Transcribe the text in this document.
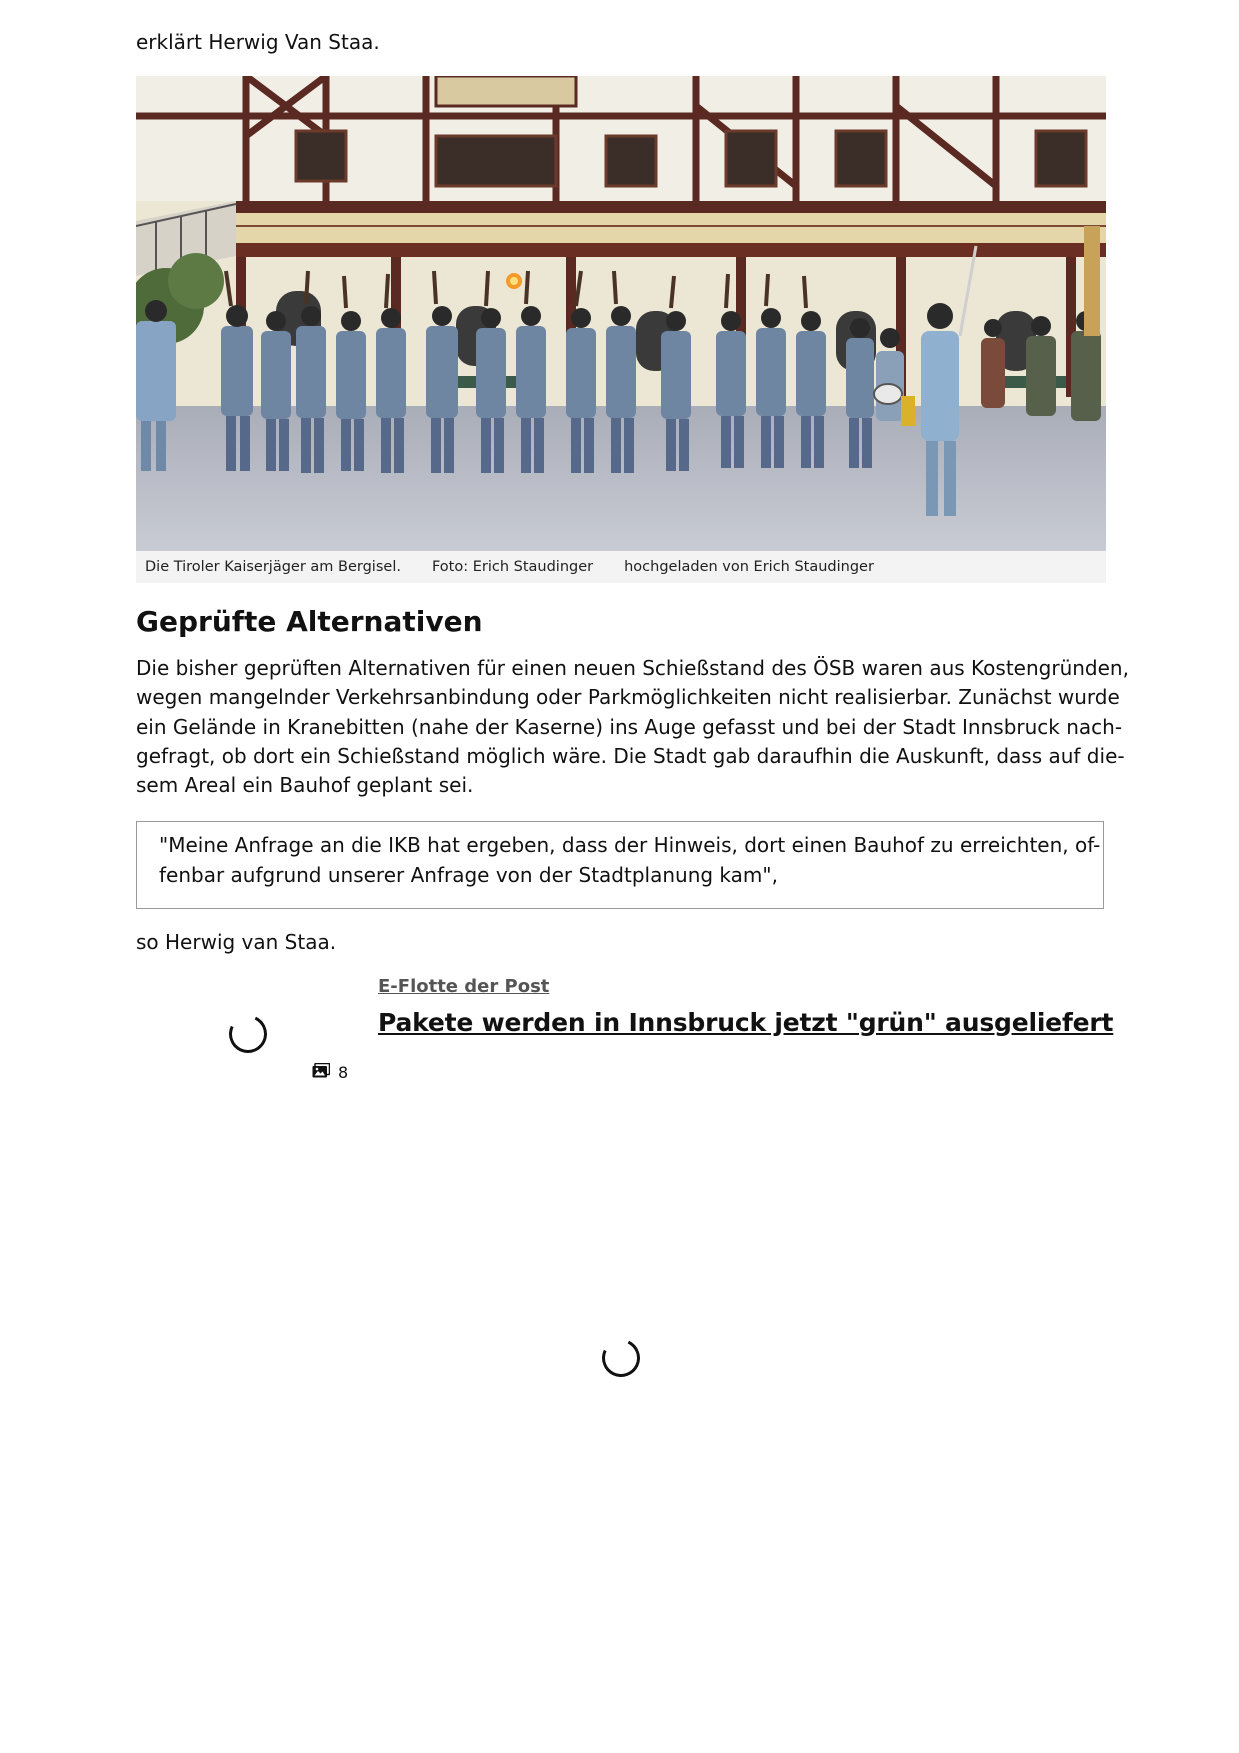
erklärt Herwig Van Staa.
Die Tiroler Kaiserjäger am Bergisel. Foto: Erich Staudinger hochgeladen von Erich Staudinger
Geprüfte Alternativen

Die bisher geprüften Alternativen für einen neuen Schießstand des ÖSB waren aus Kostengründen,
wegen mangelnder Verkehrsanbindung oder Parkmöglichkeiten nicht realisierbar. Zunächst wurde
ein Gelände in Kranebitten (nahe der Kaserne) ins Auge gefasst und bei der Stadt Innsbruck nach-
gefragt, ob dort ein Schießstand möglich wäre. Die Stadt gab daraufhin die Auskunft, dass auf die-
sem Areal ein Bauhof geplant sei.

"Meine Anfrage an die IKB hat ergeben, dass der Hinweis, dort einen Bauhof zu erreichten, of-
fenbar aufgrund unserer Anfrage von der Stadtplanung kam",

so Herwig van Staa.
8
E-Flotte der Post
Pakete werden in Innsbruck jetzt "grün" ausgeliefert
